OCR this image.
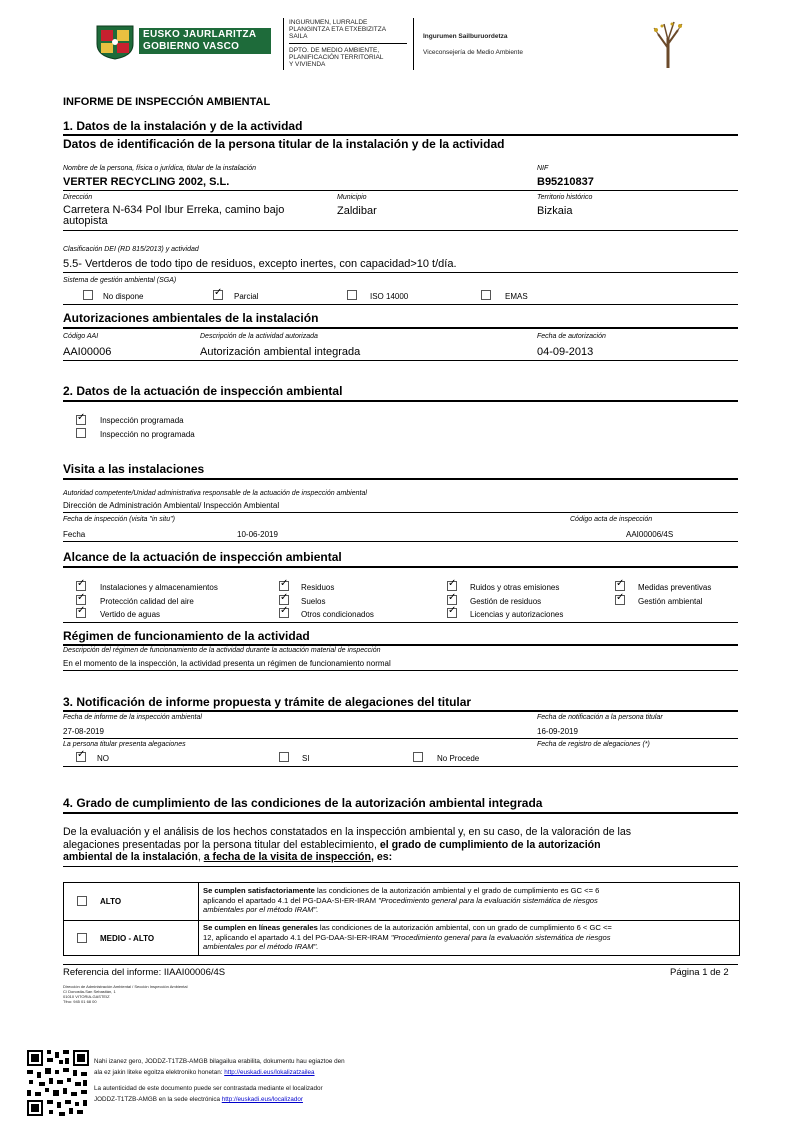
EUSKO JAURLARITZA
GOBIERNO VASCO
INGURUMEN, LURRALDE
PLANGINTZA ETA ETXEBIZITZA
SAILA
DPTO. DE MEDIO AMBIENTE,
PLANIFICACIÓN TERRITORIAL
Y VIVIENDA
Ingurumen Sailburuordetza
Viceconsejería de Medio Ambiente
INFORME DE INSPECCIÓN AMBIENTAL
1. Datos de la instalación y de la actividad
Datos de identificación de la persona titular de la instalación y de la actividad
Nombre de la persona, física o jurídica, titular de la instalación	NIF
VERTER RECYCLING 2002, S.L.	B95210837
Dirección	Municipio	Territorio histórico
Carretera N-634 Pol Ibur Erreka, camino bajo
autopista
Zaldibar	Bizkaia
Clasificación DEI (RD 815/2013) y actividad
5.5- Vertderos de todo tipo de residuos, excepto inertes, con capacidad>10 t/día.
Sistema de gestión ambiental (SGA)
No dispone
✓	Parcial	ISO 14000	EMAS
Autorizaciones ambientales de la instalación
Código AAI	Descripción de la actividad autorizada	Fecha de autorización
AAI00006	Autorización ambiental integrada	04-09-2013
2. Datos de la actuación de inspección ambiental
✓
Inspección programada
Inspección no programada
Visita a las instalaciones
Autoridad competente/Unidad administrativa responsable de la actuación de inspección ambiental
Dirección de Administración Ambiental/ Inspección Ambiental
Fecha de inspección (visita "in situ")	Código acta de inspección
Fecha	10-06-2019	AAI00006/4S
Alcance de la actuación de inspección ambiental
✓
Instalaciones y almacenamientos
✓
Protección calidad del aire
✓
Vertido de aguas
✓
Residuos
✓
Suelos
✓
Otros condicionados
✓
Ruidos y otras emisiones
✓
Gestión de residuos
✓
Licencias y autorizaciones
✓
Medidas preventivas
✓
Gestión ambiental
Régimen de funcionamiento de la actividad
Descripción del régimen de funcionamiento de la actividad durante la actuación material de inspección
En el momento de la inspección, la actividad presenta un régimen de funcionamiento normal
3. Notificación de informe propuesta y trámite de alegaciones del titular
Fecha de informe de la inspección ambiental	Fecha de notificación a la persona titular
27-08-2019	16-09-2019
La persona titular presenta alegaciones	Fecha de registro de alegaciones (*)
✓
NO	SI	No Procede
4. Grado de cumplimiento de las condiciones de la autorización ambiental integrada
De la evaluación y el análisis de los hechos constatados en la inspección ambiental y, en su caso, de la valoración de las
alegaciones presentadas por la persona titular del establecimiento, el grado de cumplimiento de la autorización
ambiental de la instalación, a fecha de la visita de inspección, es:
ALTO
Se cumplen satisfactoriamente las condiciones de la autorización ambiental y el grado de cumplimiento es GC <= 6
aplicando el apartado 4.1 del PG-DAA-SI-ER-IRAM "Procedimiento general para la evaluación sistemática de riesgos
ambientales por el método IRAM".
MEDIO - ALTO
Se cumplen en líneas generales las condiciones de la autorización ambiental, con un grado de cumplimiento 6 < GC <=
12, aplicando el apartado 4.1 del PG-DAA-SI-ER-IRAM "Procedimiento general para la evaluación sistemática de riesgos
ambientales por el método IRAM".
Referencia del informe: IIAAI00006/4S	Página 1 de 2
Dirección de Administración Ambiental / Sección Inspección Ambiental
C/ Donostia-San Sebastián, 1
01010 VITORIA-GASTEIZ
Tfno: 945 01 68 00
Nahi izanez gero, JODDZ-T1TZB-AMGB bilagailua erabilita, dokumentu hau egiaztoe den
ala ez jakin liteke egoitza elektroniko honetan: http://euskadi.eus/lokalizatzailea
La autenticidad de este documento puede ser contrastada mediante el localizador
JODDZ-T1TZB-AMGB en la sede electrónica http://euskadi.eus/localizador
